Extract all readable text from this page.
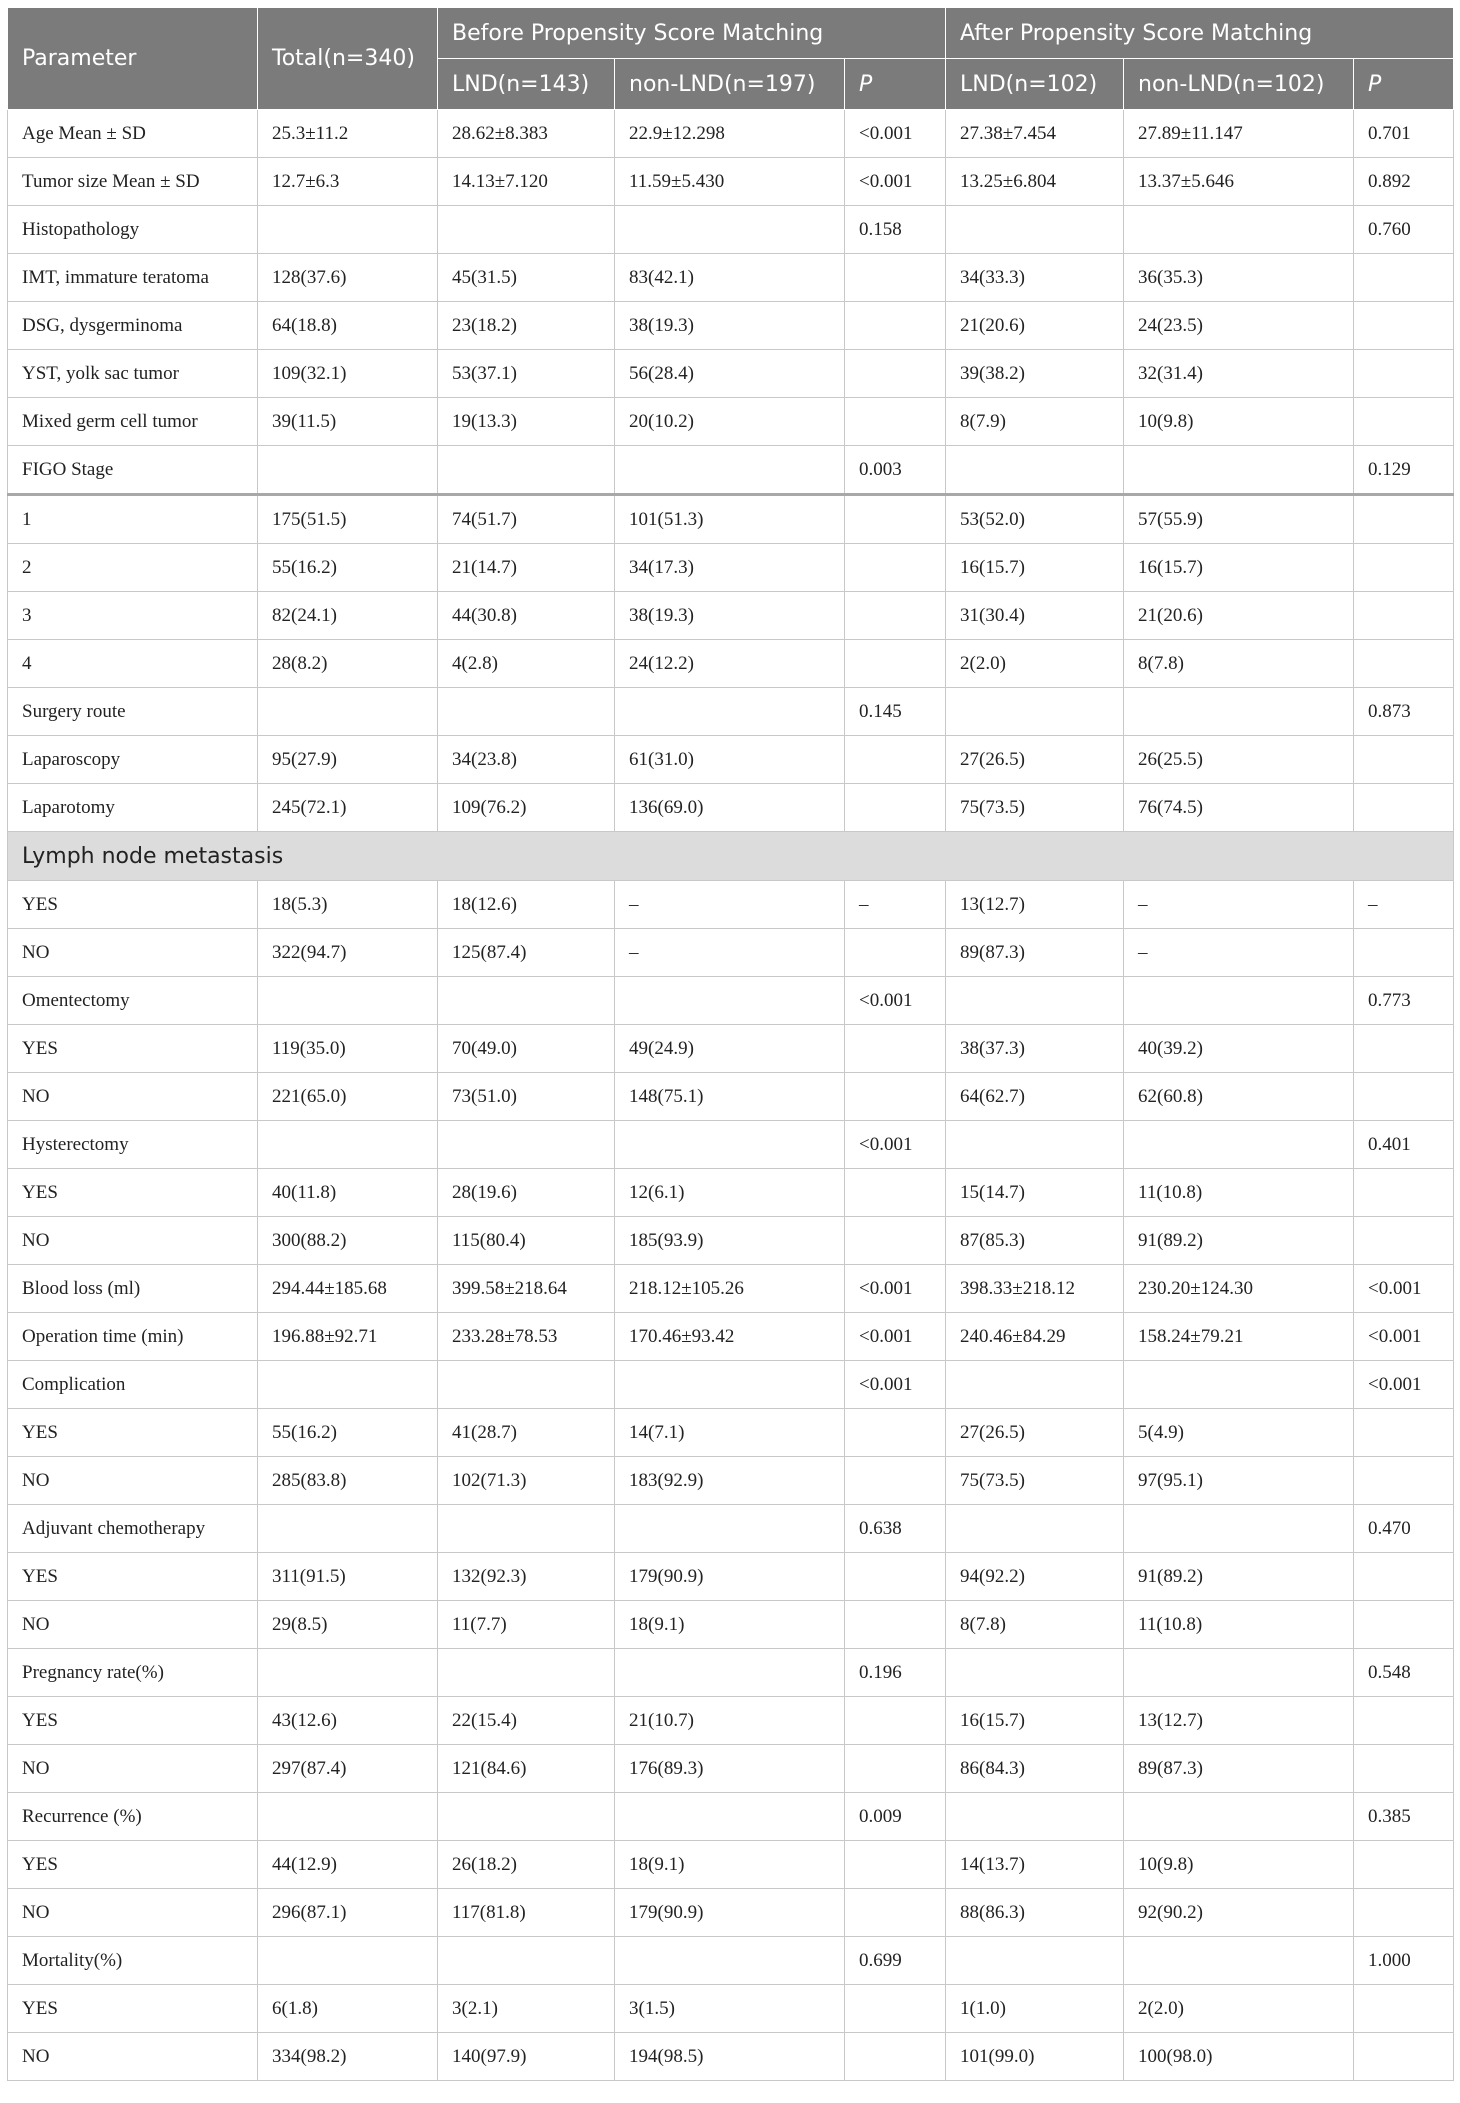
Parameter	Total(n=340)	Before Propensity Score Matching			After Propensity Score Matching		
		LND(n=143)	non-LND(n=197)	P	LND(n=102)	non-LND(n=102)	P
Age Mean ± SD	25.3±11.2	28.62±8.383	22.9±12.298	<0.001	27.38±7.454	27.89±11.147	0.701
Tumor size Mean ± SD	12.7±6.3	14.13±7.120	11.59±5.430	<0.001	13.25±6.804	13.37±5.646	0.892
Histopathology				0.158			0.760
IMT, immature teratoma	128(37.6)	45(31.5)	83(42.1)		34(33.3)	36(35.3)	
DSG, dysgerminoma	64(18.8)	23(18.2)	38(19.3)		21(20.6)	24(23.5)	
YST, yolk sac tumor	109(32.1)	53(37.1)	56(28.4)		39(38.2)	32(31.4)	
Mixed germ cell tumor	39(11.5)	19(13.3)	20(10.2)		8(7.9)	10(9.8)	
FIGO Stage				0.003			0.129
1	175(51.5)	74(51.7)	101(51.3)		53(52.0)	57(55.9)	
2	55(16.2)	21(14.7)	34(17.3)		16(15.7)	16(15.7)	
3	82(24.1)	44(30.8)	38(19.3)		31(30.4)	21(20.6)	
4	28(8.2)	4(2.8)	24(12.2)		2(2.0)	8(7.8)	
Surgery route				0.145			0.873
Laparoscopy	95(27.9)	34(23.8)	61(31.0)		27(26.5)	26(25.5)	
Laparotomy	245(72.1)	109(76.2)	136(69.0)		75(73.5)	76(74.5)	
Lymph node metastasis							
YES	18(5.3)	18(12.6)	–	–	13(12.7)	–	–
NO	322(94.7)	125(87.4)	–		89(87.3)	–	
Omentectomy				<0.001			0.773
YES	119(35.0)	70(49.0)	49(24.9)		38(37.3)	40(39.2)	
NO	221(65.0)	73(51.0)	148(75.1)		64(62.7)	62(60.8)	
Hysterectomy				<0.001			0.401
YES	40(11.8)	28(19.6)	12(6.1)		15(14.7)	11(10.8)	
NO	300(88.2)	115(80.4)	185(93.9)		87(85.3)	91(89.2)	
Blood loss (ml)	294.44±185.68	399.58±218.64	218.12±105.26	<0.001	398.33±218.12	230.20±124.30	<0.001
Operation time (min)	196.88±92.71	233.28±78.53	170.46±93.42	<0.001	240.46±84.29	158.24±79.21	<0.001
Complication				<0.001			<0.001
YES	55(16.2)	41(28.7)	14(7.1)		27(26.5)	5(4.9)	
NO	285(83.8)	102(71.3)	183(92.9)		75(73.5)	97(95.1)	
Adjuvant chemotherapy				0.638			0.470
YES	311(91.5)	132(92.3)	179(90.9)		94(92.2)	91(89.2)	
NO	29(8.5)	11(7.7)	18(9.1)		8(7.8)	11(10.8)	
Pregnancy rate(%)				0.196			0.548
YES	43(12.6)	22(15.4)	21(10.7)		16(15.7)	13(12.7)	
NO	297(87.4)	121(84.6)	176(89.3)		86(84.3)	89(87.3)	
Recurrence (%)				0.009			0.385
YES	44(12.9)	26(18.2)	18(9.1)		14(13.7)	10(9.8)	
NO	296(87.1)	117(81.8)	179(90.9)		88(86.3)	92(90.2)	
Mortality(%)				0.699			1.000
YES	6(1.8)	3(2.1)	3(1.5)		1(1.0)	2(2.0)	
NO	334(98.2)	140(97.9)	194(98.5)		101(99.0)	100(98.0)	
